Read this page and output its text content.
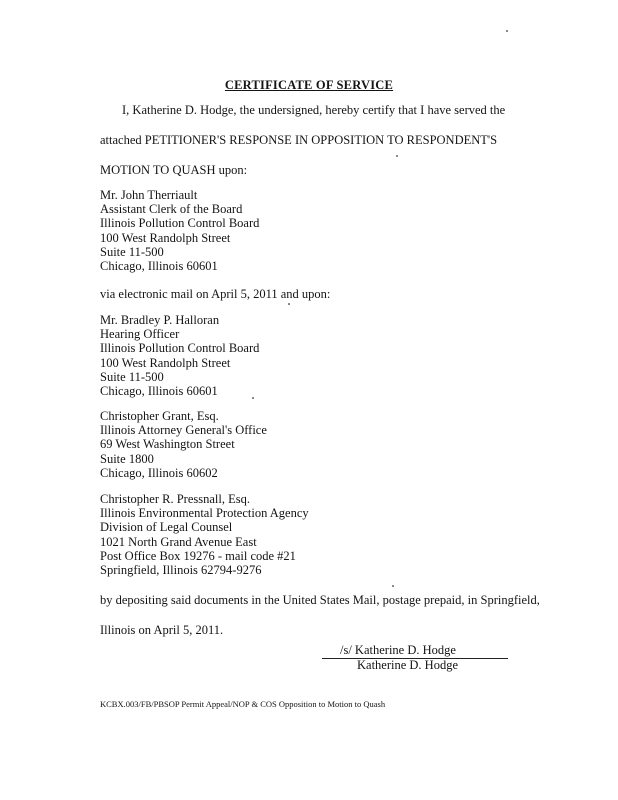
CERTIFICATE OF SERVICE
I, Katherine D. Hodge, the undersigned, hereby certify that I have served the
attached PETITIONER'S RESPONSE IN OPPOSITION TO RESPONDENT'S
MOTION TO QUASH upon:
Mr. John Therriault
Assistant Clerk of the Board
Illinois Pollution Control Board
100 West Randolph Street
Suite 11-500
Chicago, Illinois 60601
via electronic mail on April 5, 2011 and upon:
Mr. Bradley P. Halloran
Hearing Officer
Illinois Pollution Control Board
100 West Randolph Street
Suite 11-500
Chicago, Illinois 60601
Christopher Grant, Esq.
Illinois Attorney General's Office
69 West Washington Street
Suite 1800
Chicago, Illinois 60602
Christopher R. Pressnall, Esq.
Illinois Environmental Protection Agency
Division of Legal Counsel
1021 North Grand Avenue East
Post Office Box 19276 - mail code #21
Springfield, Illinois 62794-9276
by depositing said documents in the United States Mail, postage prepaid, in Springfield,
Illinois on April 5, 2011.
/s/ Katherine D. Hodge
Katherine D. Hodge
KCBX.003/FB/PBSOP Permit Appeal/NOP & COS Opposition to Motion to Quash
